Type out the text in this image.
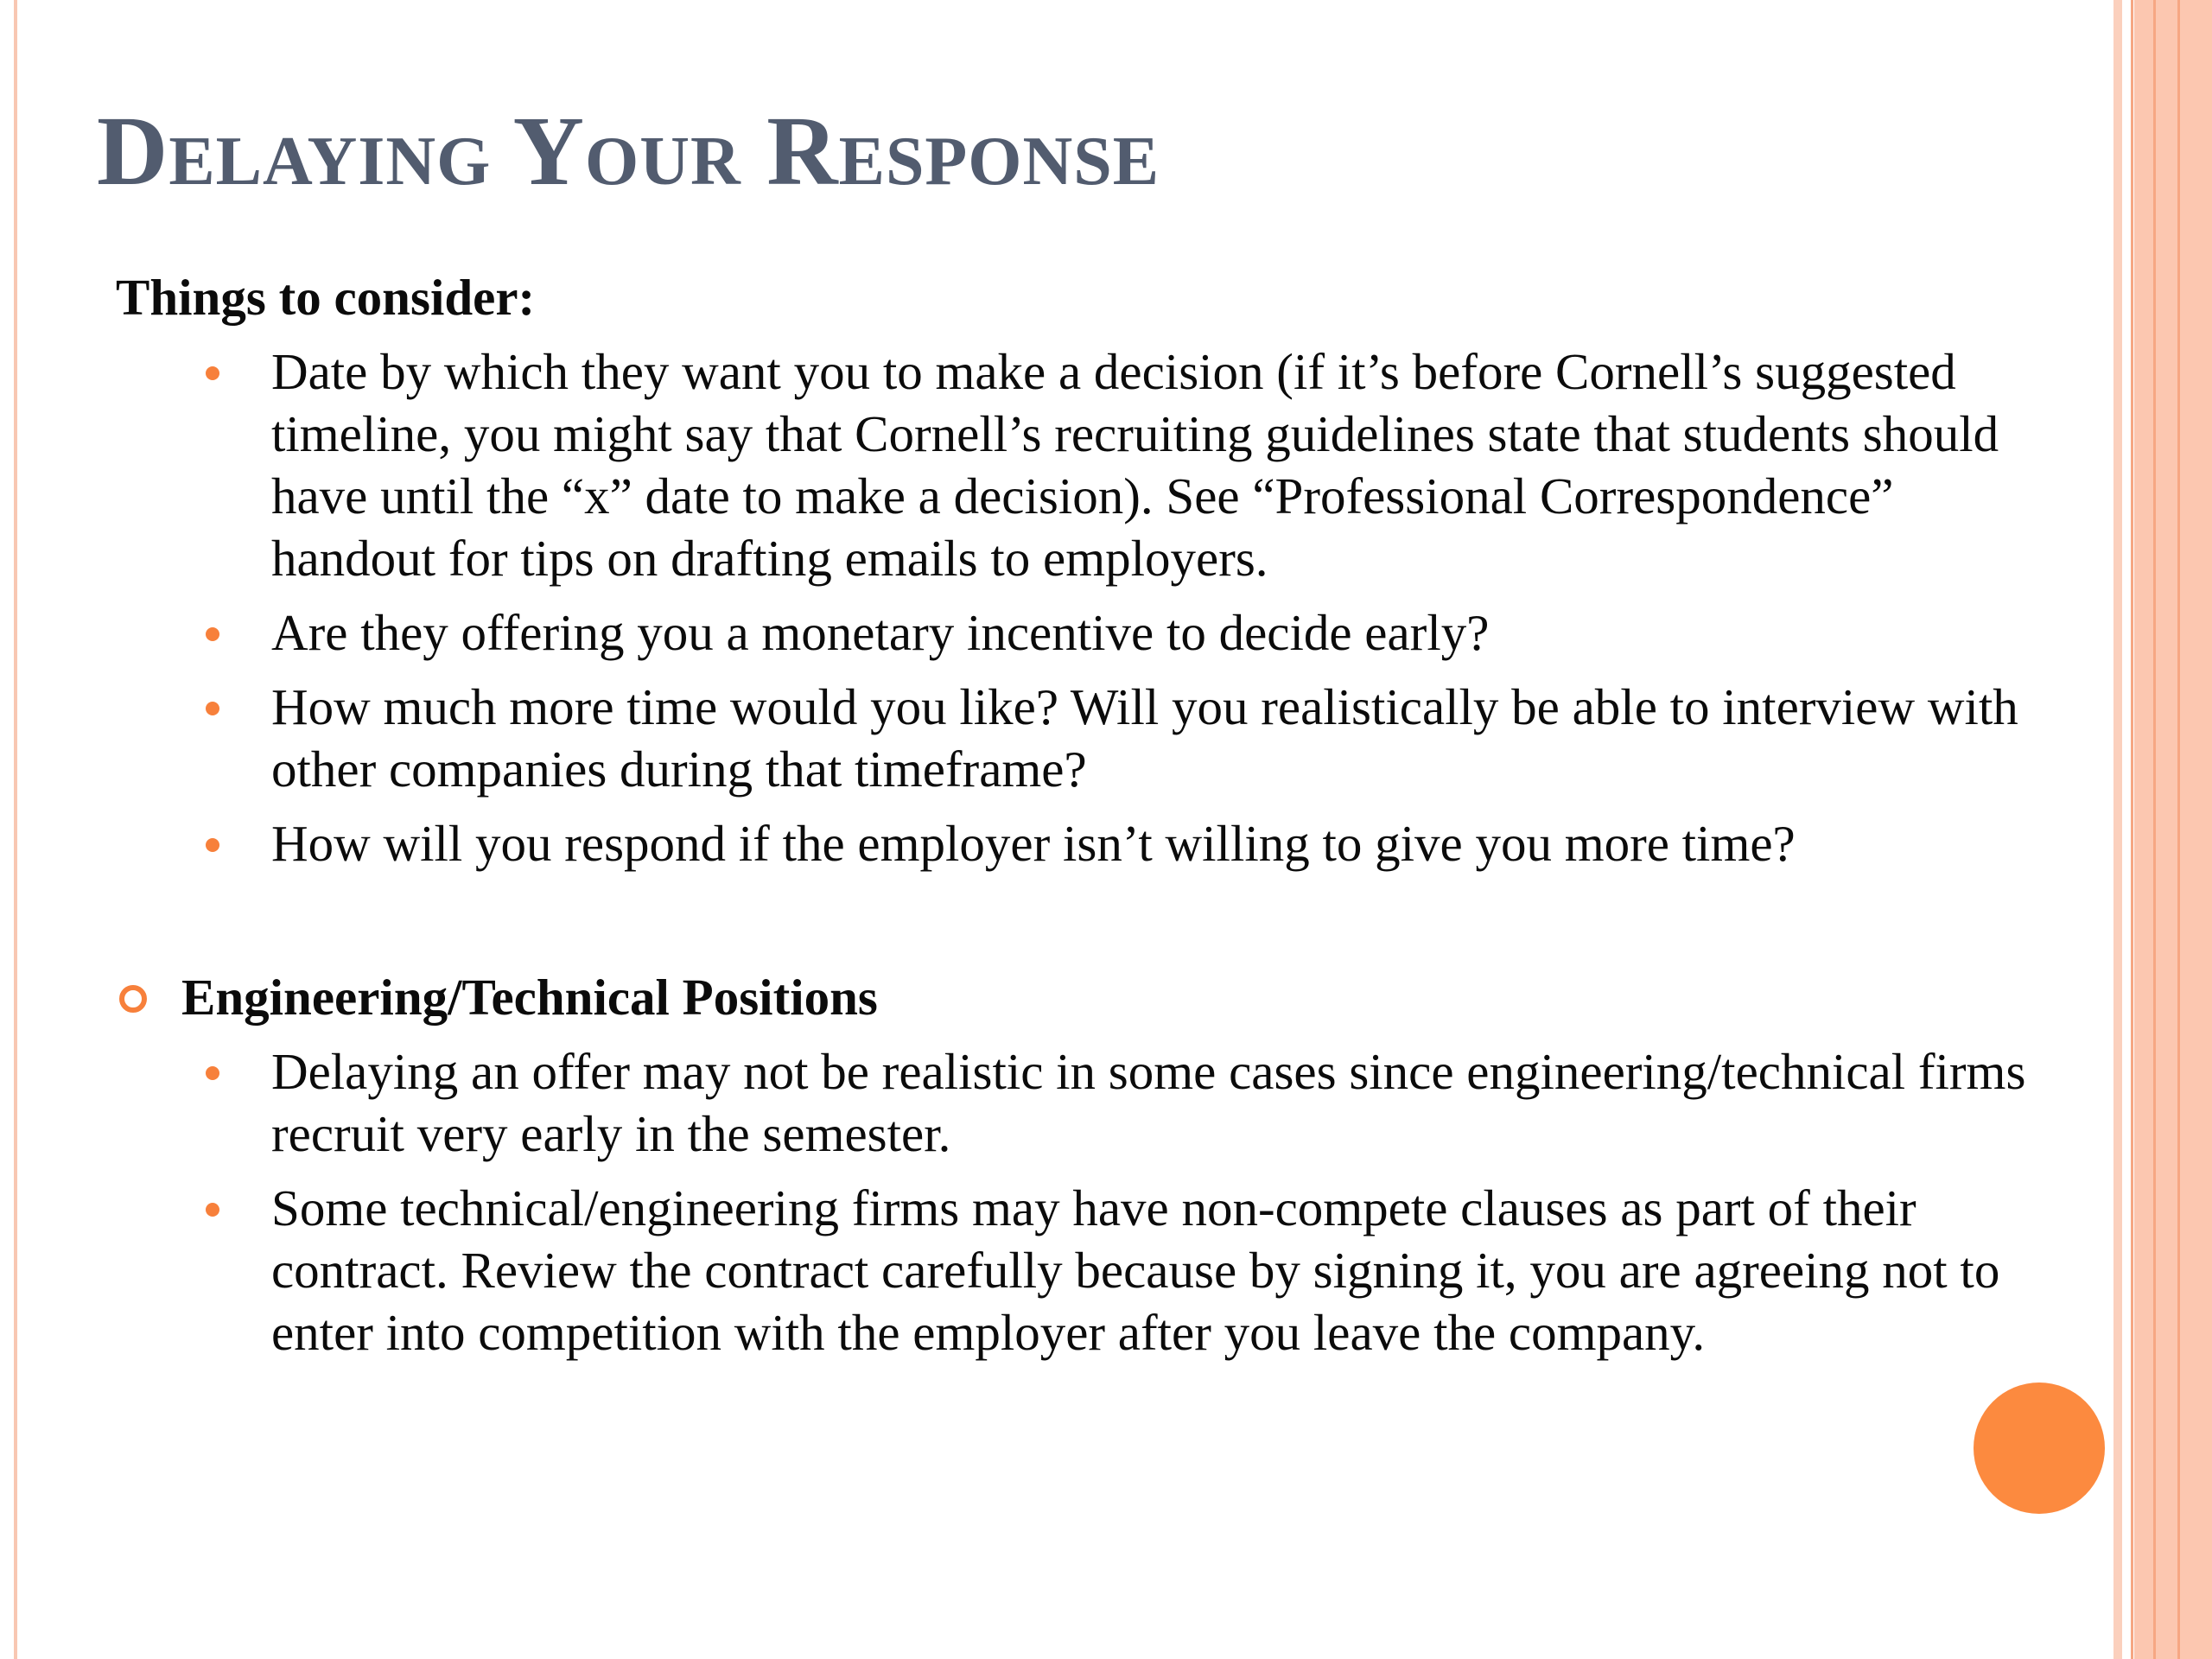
Delaying Your Response

Things to consider:

Date by which they want you to make a decision (if it’s before Cornell’s suggested timeline, you might say that Cornell’s recruiting guidelines state that students should have until the “x” date to make a decision). See “Professional Correspondence” handout for tips on drafting emails to employers.
Are they offering you a monetary incentive to decide early?
How much more time would you like? Will you realistically be able to interview with other companies during that timeframe?
How will you respond if the employer isn’t willing to give you more time?

Engineering/Technical Positions

Delaying an offer may not be realistic in some cases since engineering/technical firms recruit very early in the semester.
Some technical/engineering firms may have non-compete clauses as part of their contract. Review the contract carefully because by signing it, you are agreeing not to enter into competition with the employer after you leave the company.
